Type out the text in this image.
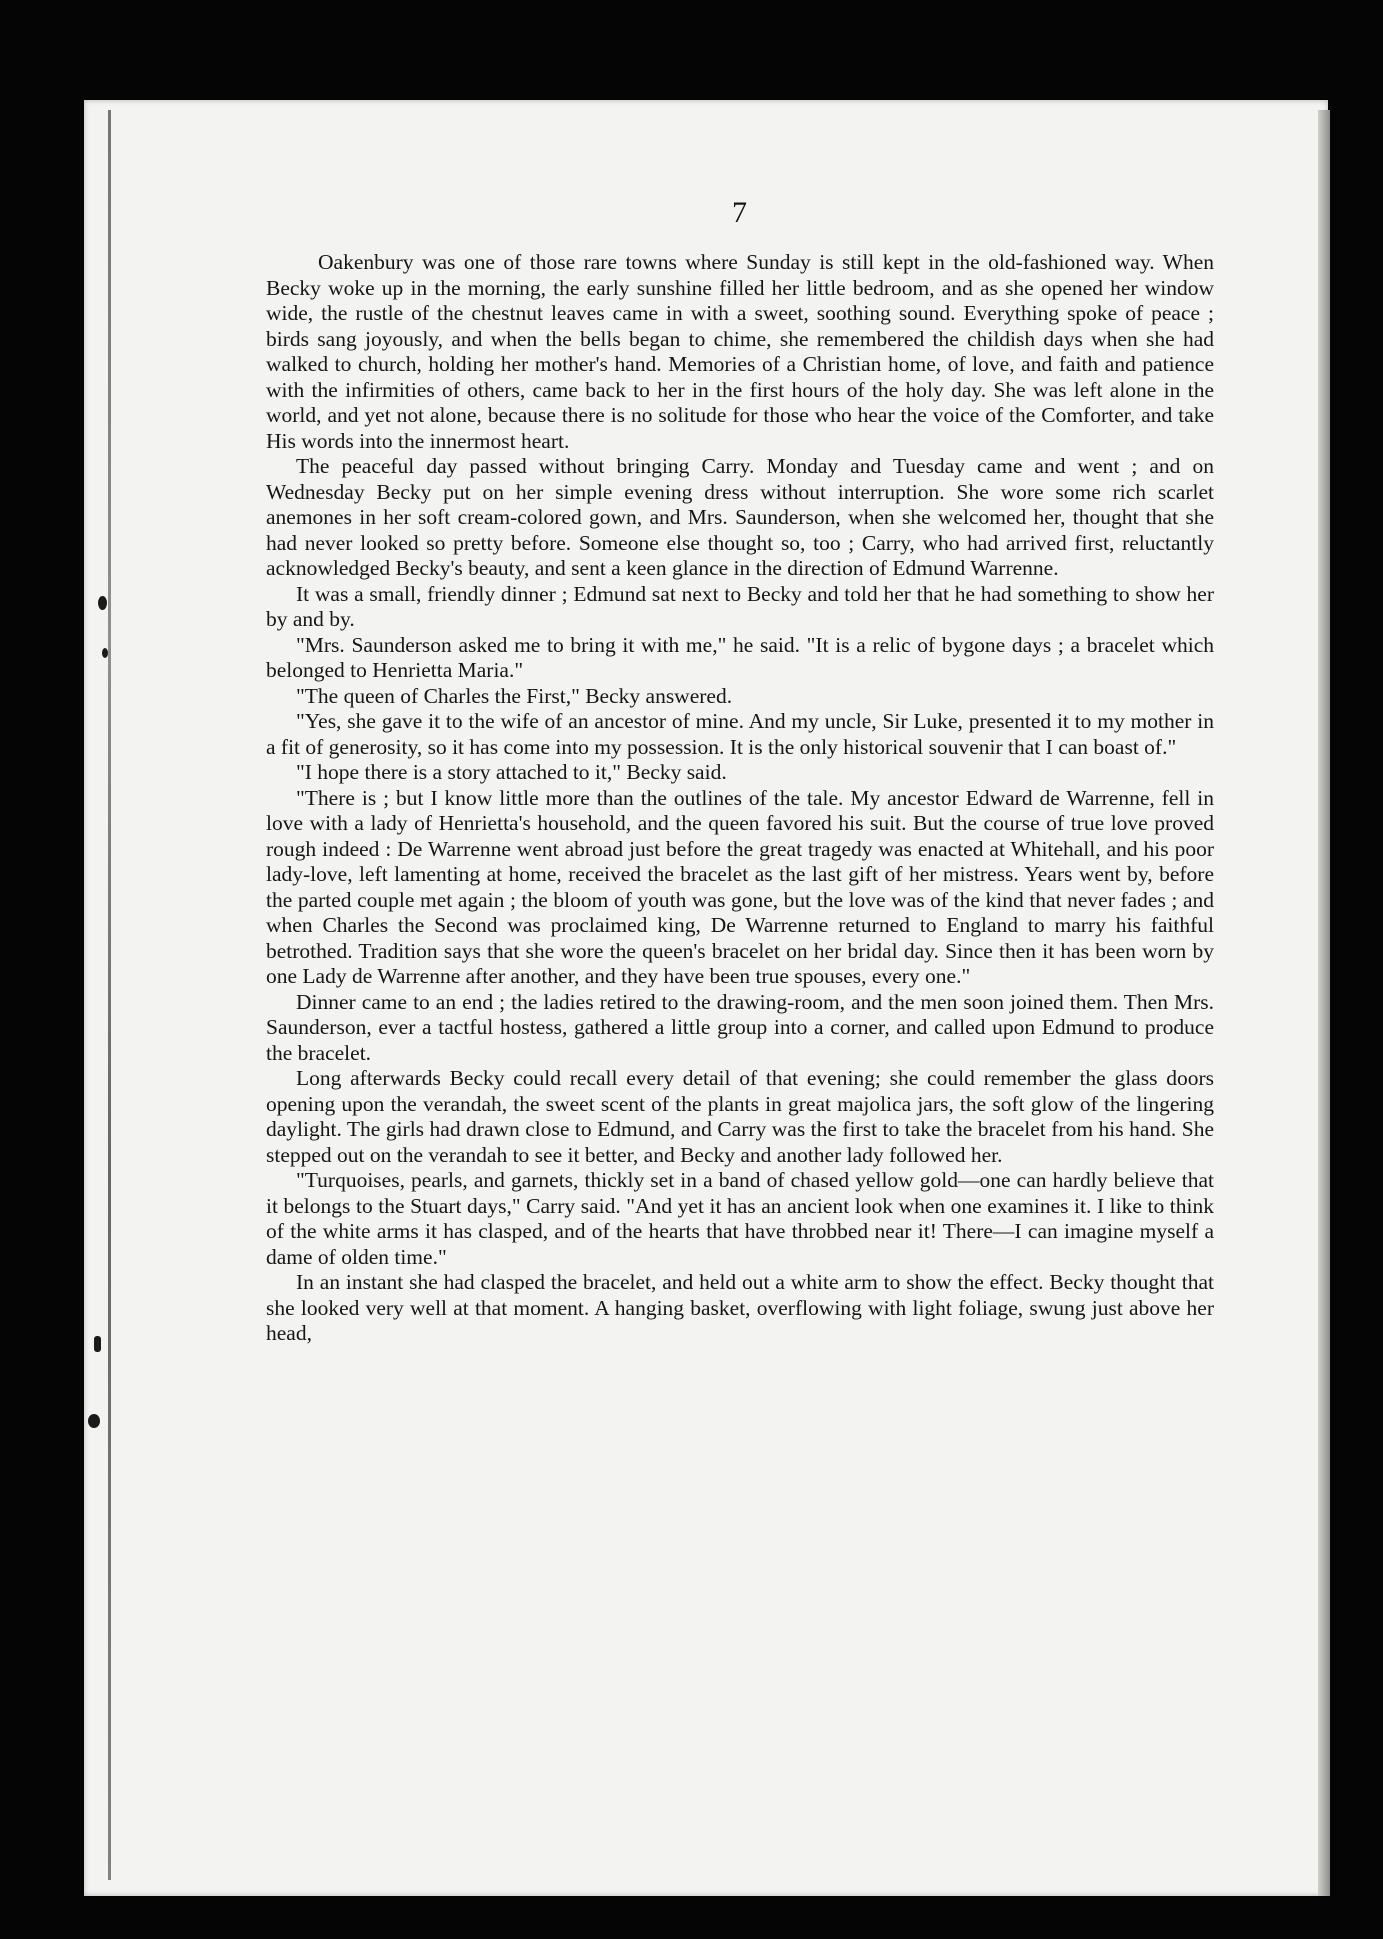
7

Oakenbury was one of those rare towns where Sunday is still kept in the old-fashioned way. When Becky woke up in the morning, the early sunshine filled her little bedroom, and as she opened her window wide, the rustle of the chestnut leaves came in with a sweet, soothing sound. Everything spoke of peace ; birds sang joyously, and when the bells began to chime, she remembered the childish days when she had walked to church, holding her mother's hand. Memories of a Christian home, of love, and faith and patience with the infirmities of others, came back to her in the first hours of the holy day. She was left alone in the world, and yet not alone, because there is no solitude for those who hear the voice of the Comforter, and take His words into the innermost heart.

The peaceful day passed without bringing Carry. Monday and Tuesday came and went ; and on Wednesday Becky put on her simple evening dress without interruption. She wore some rich scarlet anemones in her soft cream-colored gown, and Mrs. Saunderson, when she welcomed her, thought that she had never looked so pretty before. Someone else thought so, too ; Carry, who had arrived first, reluctantly acknowledged Becky's beauty, and sent a keen glance in the direction of Edmund Warrenne.

It was a small, friendly dinner ; Edmund sat next to Becky and told her that he had something to show her by and by.

"Mrs. Saunderson asked me to bring it with me," he said. "It is a relic of bygone days ; a bracelet which belonged to Henrietta Maria."

"The queen of Charles the First," Becky answered.

"Yes, she gave it to the wife of an ancestor of mine. And my uncle, Sir Luke, presented it to my mother in a fit of generosity, so it has come into my possession. It is the only historical souvenir that I can boast of."

"I hope there is a story attached to it," Becky said.

"There is ; but I know little more than the outlines of the tale. My ancestor Edward de Warrenne, fell in love with a lady of Henrietta's household, and the queen favored his suit. But the course of true love proved rough indeed : De Warrenne went abroad just before the great tragedy was enacted at Whitehall, and his poor lady-love, left lamenting at home, received the bracelet as the last gift of her mistress. Years went by, before the parted couple met again ; the bloom of youth was gone, but the love was of the kind that never fades ; and when Charles the Second was proclaimed king, De Warrenne returned to England to marry his faithful betrothed. Tradition says that she wore the queen's bracelet on her bridal day. Since then it has been worn by one Lady de Warrenne after another, and they have been true spouses, every one."

Dinner came to an end ; the ladies retired to the drawing-room, and the men soon joined them. Then Mrs. Saunderson, ever a tactful hostess, gathered a little group into a corner, and called upon Edmund to produce the bracelet.

Long afterwards Becky could recall every detail of that evening; she could remember the glass doors opening upon the verandah, the sweet scent of the plants in great majolica jars, the soft glow of the lingering daylight. The girls had drawn close to Edmund, and Carry was the first to take the bracelet from his hand. She stepped out on the verandah to see it better, and Becky and another lady followed her.

"Turquoises, pearls, and garnets, thickly set in a band of chased yellow gold—one can hardly believe that it belongs to the Stuart days," Carry said. "And yet it has an ancient look when one examines it. I like to think of the white arms it has clasped, and of the hearts that have throbbed near it! There—I can imagine myself a dame of olden time."

In an instant she had clasped the bracelet, and held out a white arm to show the effect. Becky thought that she looked very well at that moment. A hanging basket, overflowing with light foliage, swung just above her head,
